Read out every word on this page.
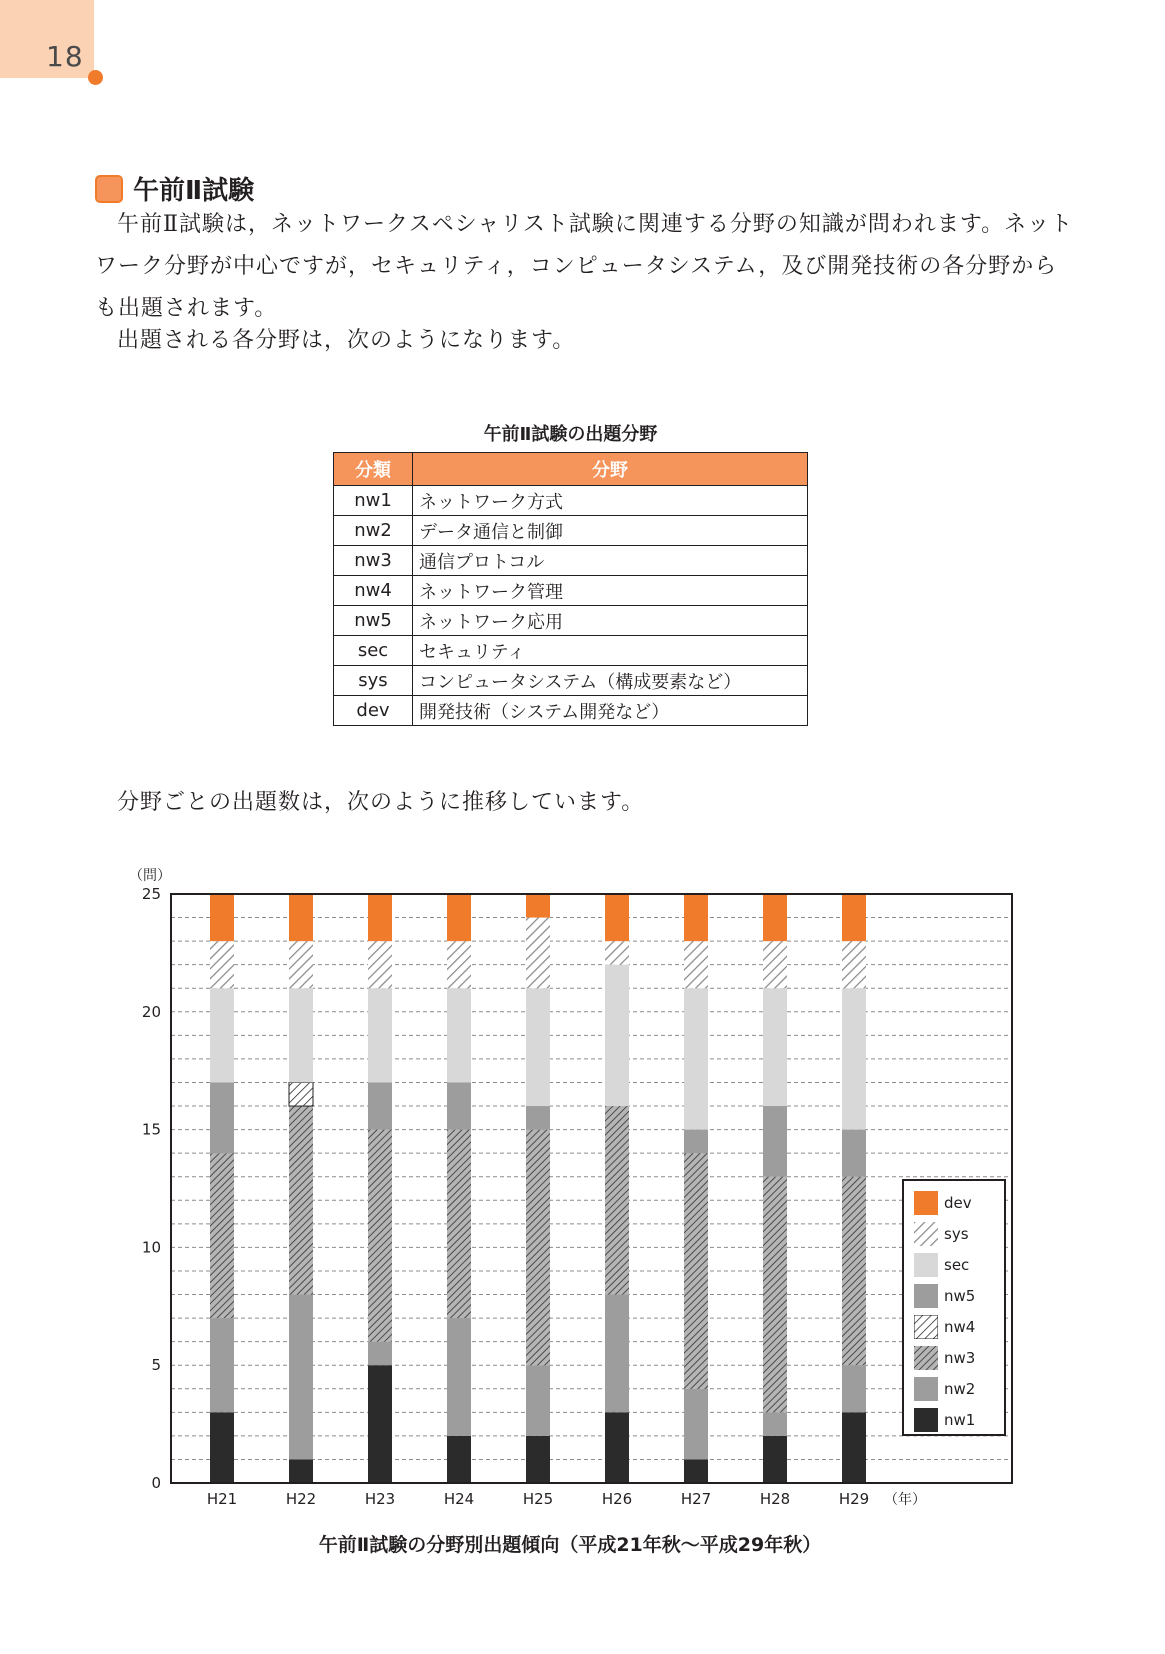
18
午前Ⅱ試験

午前Ⅱ試験は，ネットワークスペシャリスト試験に関連する分野の知識が問われます。ネットワーク分野が中心ですが，セキュリティ，コンピュータシステム，及び開発技術の各分野からも出題されます。

出題される各分野は，次のようになります。

午前Ⅱ試験の出題分野
分類	分野
nw1	ネットワーク方式
nw2	データ通信と制御
nw3	通信プロトコル
nw4	ネットワーク管理
nw5	ネットワーク応用
sec	セキュリティ
sys	コンピュータシステム（構成要素など）
dev	開発技術（システム開発など）

分野ごとの出題数は，次のように推移しています。

（問）
0
5
10
15
20
25
H21	H22	H23	H24	H25	H26	H27	H28	H29 （年）
dev
sys
sec
nw5
nw4
nw3
nw2
nw1
午前Ⅱ試験の分野別出題傾向（平成21年秋〜平成29年秋）
